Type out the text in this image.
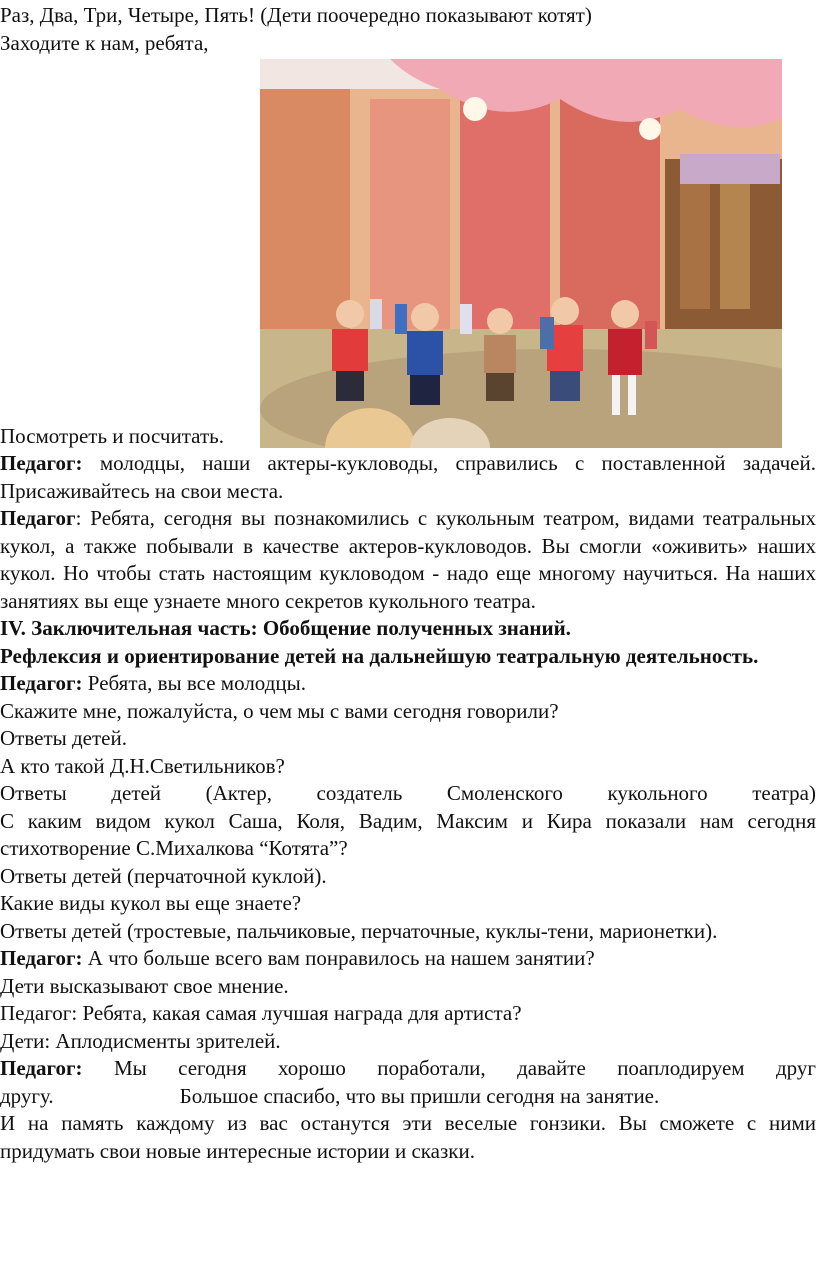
Раз, Два, Три, Четыре, Пять! (Дети поочередно показывают котят)
Заходите к нам, ребята,
Посмотреть и посчитать.
Педагог: молодцы, наши актеры-кукловоды, справились с поставленной задачей. Присаживайтесь на свои места.
Педагог: Ребята, сегодня вы познакомились с кукольным театром, видами театральных кукол, а также побывали в качестве актеров-кукловодов. Вы смогли «оживить» наших кукол. Но чтобы стать настоящим кукловодом - надо еще многому научиться. На наших занятиях вы еще узнаете много секретов кукольного театра.
IV. Заключительная часть: Обобщение полученных знаний.
Рефлексия и ориентирование детей на дальнейшую театральную деятельность.
Педагог: Ребята, вы все молодцы.
Скажите мне, пожалуйста, о чем мы с вами сегодня говорили?
Ответы детей.
А кто такой Д.Н.Светильников?
Ответы детей (Актер, создатель Смоленского кукольного театра)
С каким видом кукол Саша, Коля, Вадим, Максим и Кира показали нам сегодня стихотворение С.Михалкова “Котята”?
Ответы детей (перчаточной куклой).
Какие виды кукол вы еще знаете?
Ответы детей (тростевые, пальчиковые, перчаточные, куклы-тени, марионетки).
Педагог: А что больше всего вам понравилось на нашем занятии?
Дети высказывают свое мнение.
Педагог: Ребята, какая самая лучшая награда для артиста?
Дети: Аплодисменты зрителей.
Педагог: Мы сегодня хорошо поработали, давайте поаплодируем друг
другу.                        Большое спасибо, что вы пришли сегодня на занятие.
И на память каждому из вас останутся эти веселые гонзики. Вы сможете с ними придумать свои новые интересные истории и сказки.
